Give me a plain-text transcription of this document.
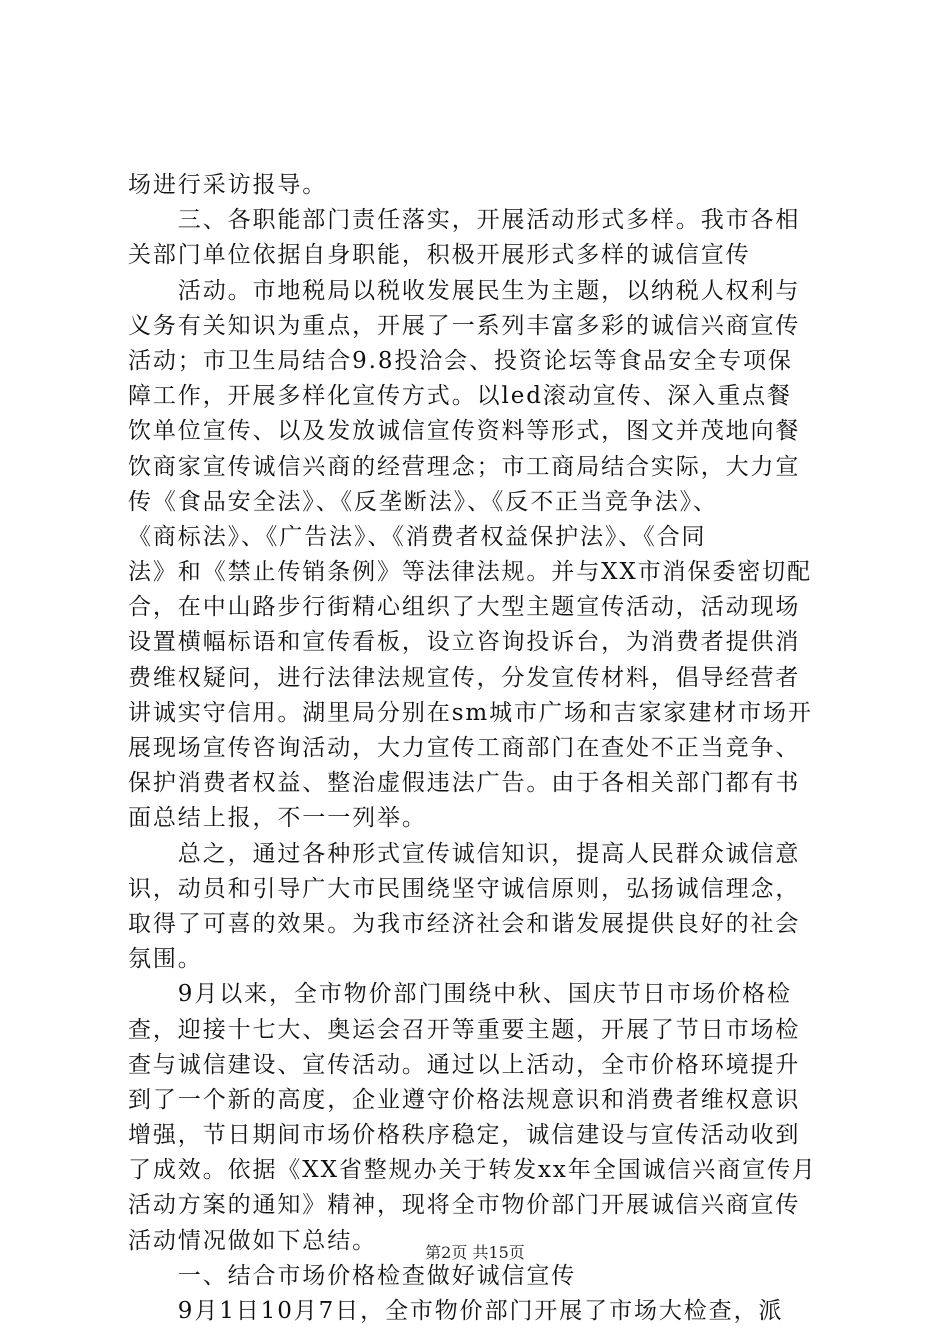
场进行采访报导。
　　三、各职能部门责任落实，开展活动形式多样。我市各相
关部门单位依据自身职能，积极开展形式多样的诚信宣传
　　活动。市地税局以税收发展民生为主题，以纳税人权利与
义务有关知识为重点，开展了一系列丰富多彩的诚信兴商宣传
活动；市卫生局结合9.8投洽会、投资论坛等食品安全专项保
障工作，开展多样化宣传方式。以led滚动宣传、深入重点餐
饮单位宣传、以及发放诚信宣传资料等形式，图文并茂地向餐
饮商家宣传诚信兴商的经营理念；市工商局结合实际，大力宣
传《食品安全法》、《反垄断法》、《反不正当竞争法》、
《商标法》、《广告法》、《消费者权益保护法》、《合同
法》和《禁止传销条例》等法律法规。并与XX市消保委密切配
合，在中山路步行街精心组织了大型主题宣传活动，活动现场
设置横幅标语和宣传看板，设立咨询投诉台，为消费者提供消
费维权疑问，进行法律法规宣传，分发宣传材料，倡导经营者
讲诚实守信用。湖里局分别在sm城市广场和吉家家建材市场开
展现场宣传咨询活动，大力宣传工商部门在查处不正当竞争、
保护消费者权益、整治虚假违法广告。由于各相关部门都有书
面总结上报，不一一列举。
　　总之，通过各种形式宣传诚信知识，提高人民群众诚信意
识，动员和引导广大市民围绕坚守诚信原则，弘扬诚信理念，
取得了可喜的效果。为我市经济社会和谐发展提供良好的社会
氛围。
　　9月以来，全市物价部门围绕中秋、国庆节日市场价格检
查，迎接十七大、奥运会召开等重要主题，开展了节日市场检
查与诚信建设、宣传活动。通过以上活动，全市价格环境提升
到了一个新的高度，企业遵守价格法规意识和消费者维权意识
增强，节日期间市场价格秩序稳定，诚信建设与宣传活动收到
了成效。依据《XX省整规办关于转发xx年全国诚信兴商宣传月
活动方案的通知》精神，现将全市物价部门开展诚信兴商宣传
活动情况做如下总结。
　　一、结合市场价格检查做好诚信宣传
　　9月1日10月7日，全市物价部门开展了市场大检查，派
第2页 共15页
